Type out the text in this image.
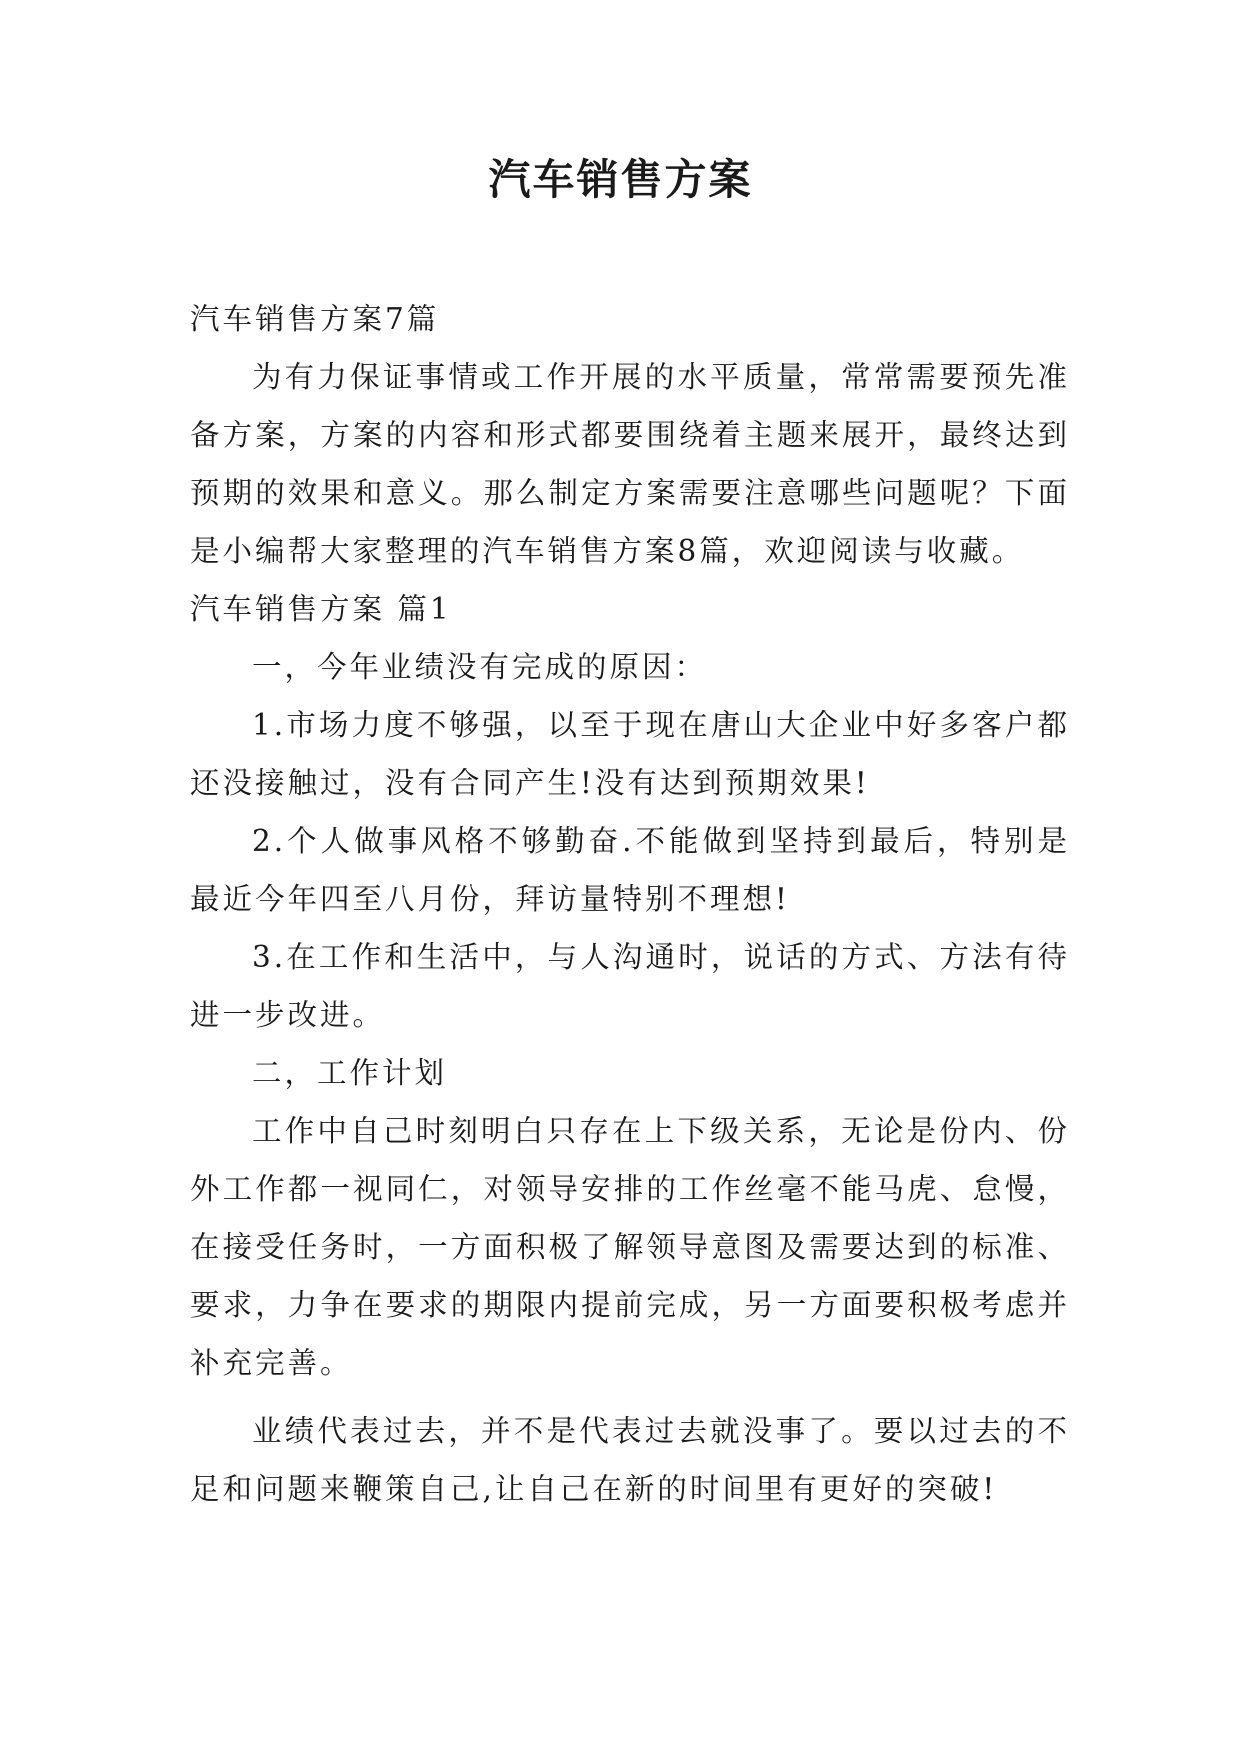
汽车销售方案

汽车销售方案7篇

为有力保证事情或工作开展的水平质量，常常需要预先准备方案，方案的内容和形式都要围绕着主题来展开，最终达到预期的效果和意义。那么制定方案需要注意哪些问题呢？下面是小编帮大家整理的汽车销售方案8篇，欢迎阅读与收藏。

汽车销售方案 篇1

一，今年业绩没有完成的原因：

1.市场力度不够强，以至于现在唐山大企业中好多客户都还没接触过，没有合同产生!没有达到预期效果!

2.个人做事风格不够勤奋.不能做到坚持到最后，特别是最近今年四至八月份，拜访量特别不理想!

3.在工作和生活中，与人沟通时，说话的方式、方法有待进一步改进。

二，工作计划

工作中自己时刻明白只存在上下级关系，无论是份内、份外工作都一视同仁，对领导安排的工作丝毫不能马虎、怠慢，在接受任务时，一方面积极了解领导意图及需要达到的标准、要求，力争在要求的期限内提前完成，另一方面要积极考虑并补充完善。

业绩代表过去，并不是代表过去就没事了。要以过去的不足和问题来鞭策自己,让自己在新的时间里有更好的突破!
